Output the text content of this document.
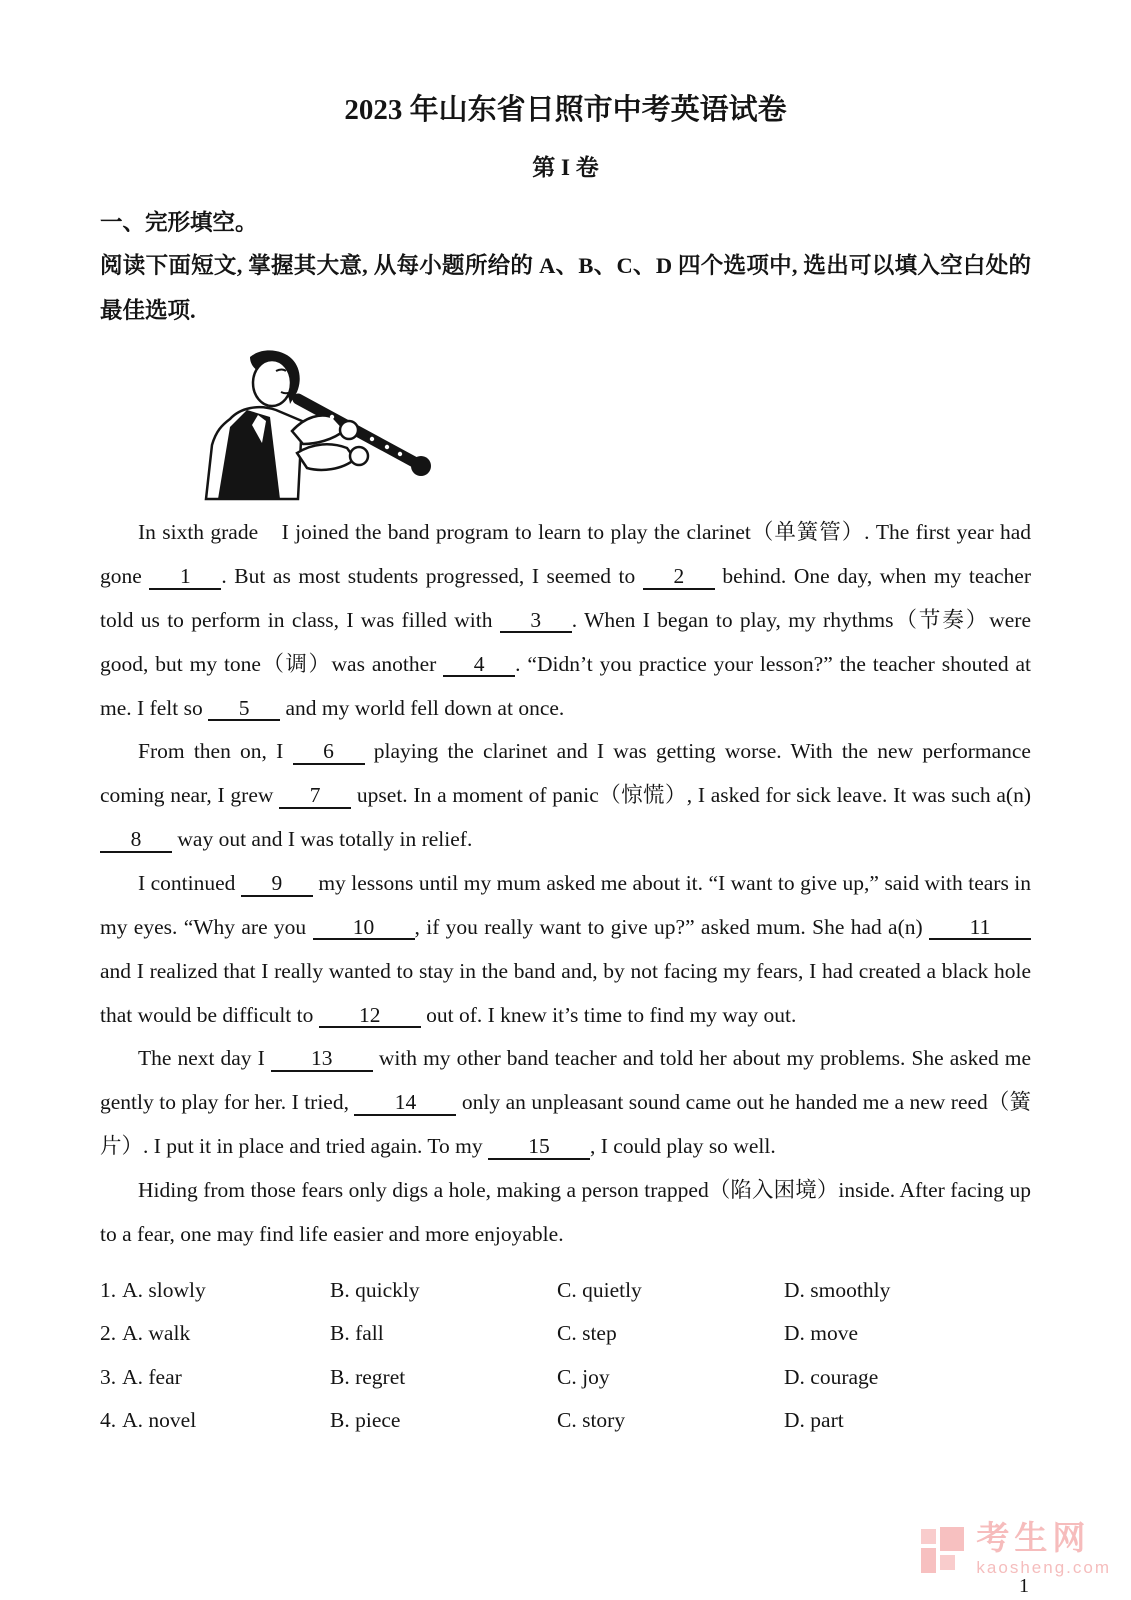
2023 年山东省日照市中考英语试卷
第 I 卷
一、完形填空。
阅读下面短文, 掌握其大意, 从每小题所给的 A、B、C、D 四个选项中, 选出可以填入空白处的最佳选项.

In sixth grade　I joined the band program to learn to play the clarinet（单簧管）. The first year had gone 1 . But as most students progressed, I seemed to 2 behind. One day, when my teacher told us to perform in class, I was filled with 3 . When I began to play, my rhythms（节奏）were good, but my tone（调）was another 4 . “Didn’t you practice your lesson?” the teacher shouted at me. I felt so 5 and my world fell down at once.

From then on, I 6 playing the clarinet and I was getting worse. With the new performance coming near, I grew 7 upset. In a moment of panic（惊慌）, I asked for sick leave. It was such a(n) 8 way out and I was totally in relief.

I continued 9 my lessons until my mum asked me about it. “I want to give up,” said with tears in my eyes. “Why are you 10 , if you really want to give up?” asked mum. She had a(n) 11 and I realized that I really wanted to stay in the band and, by not facing my fears, I had created a black hole that would be difficult to 12 out of. I knew it’s time to find my way out.

The next day I 13 with my other band teacher and told her about my problems. She asked me gently to play for her. I tried, 14 only an unpleasant sound came out he handed me a new reed（簧片）. I put it in place and tried again. To my 15 , I could play so well.

Hiding from those fears only digs a hole, making a person trapped（陷入困境）inside. After facing up to a fear, one may find life easier and more enjoyable.

1. A. slowly	B. quickly	C. quietly	D. smoothly
2. A. walk	B. fall	C. step	D. move
3. A. fear	B. regret	C. joy	D. courage
4. A. novel	B. piece	C. story	D. part
考生网
kaosheng.com
1
